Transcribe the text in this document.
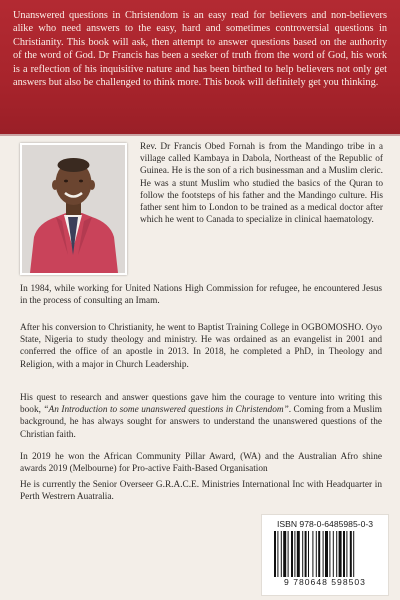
Unanswered questions in Christendom is an easy read for believers and non-believers alike who need answers to the easy, hard and sometimes controversial questions in Christianity. This book will ask, then attempt to answer questions based on the authority of the word of God. Dr Francis has been a seeker of truth from the word of God, his work is a reflection of his inquisitive nature and has been birthed to help believers not only get answers but also be challenged to think more. This book will definitely get you thinking.

Rev. Dr Francis Obed Fornah is from the Mandingo tribe in a village called Kambaya in Dabola, Northeast of the Republic of Guinea. He is the son of a rich businessman and a Muslim cleric. He was a stunt Muslim who studied the basics of the Quran to follow the footsteps of his father and the Mandingo culture. His father sent him to London to be trained as a medical doctor after which he went to Canada to specialize in clinical haematology.

In 1984, while working for United Nations High Commission for refugee, he encountered Jesus in the process of consulting an Imam.

After his conversion to Christianity, he went to Baptist Training College in OGBOMOSHO. Oyo State, Nigeria to study theology and ministry. He was ordained as an evangelist in 2001 and conferred the office of an apostle in 2013. In 2018, he completed a PhD, in Theology and Religion, with a major in Church Leadership.

His quest to research and answer questions gave him the courage to venture into writing this book, “An Introduction to some unanswered questions in Christendom”. Coming from a Muslim background, he has always sought for answers to understand the unanswered questions of the Christian faith.

In 2019 he won the African Community Pillar Award, (WA) and the Australian Afro shine awards 2019 (Melbourne) for Pro-active Faith-Based Organisation

He is currently the Senior Overseer G.R.A.C.E. Ministries International Inc with Headquarter in Perth Westrern Auatralia.

ISBN 978-0-6485985-0-3
9 780648 598503
